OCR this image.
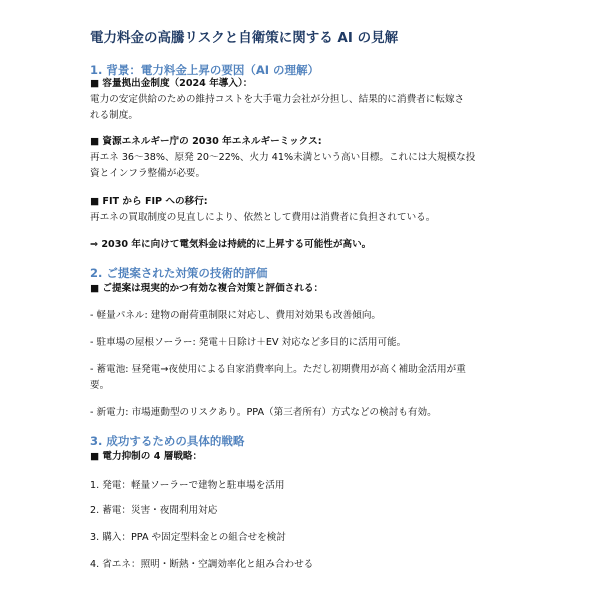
電力料金の高騰リスクと自衛策に関する AI の見解
1. 背景：電力料金上昇の要因（AI の理解）
■ 容量拠出金制度（2024 年導入）：
電力の安定供給のための維持コストを大手電力会社が分担し、結果的に消費者に転嫁さ
れる制度。
■ 資源エネルギー庁の 2030 年エネルギーミックス:
再エネ 36～38%、原発 20～22%、火力 41%未満という高い目標。これには大規模な投
資とインフラ整備が必要。
■ FIT から FIP への移行:
再エネの買取制度の見直しにより、依然として費用は消費者に負担されている。
⇒ 2030 年に向けて電気料金は持続的に上昇する可能性が高い。
2. ご提案された対策の技術的評価
■ ご提案は現実的かつ有効な複合対策と評価される：
- 軽量パネル: 建物の耐荷重制限に対応し、費用対効果も改善傾向。
- 駐車場の屋根ソーラー: 発電＋日除け＋EV 対応など多目的に活用可能。
- 蓄電池: 昼発電→夜使用による自家消費率向上。ただし初期費用が高く補助金活用が重
要。
- 新電力: 市場連動型のリスクあり。PPA（第三者所有）方式などの検討も有効。
3. 成功するための具体的戦略
■ 電力抑制の 4 層戦略：
1. 発電：軽量ソーラーで建物と駐車場を活用
2. 蓄電：災害・夜間利用対応
3. 購入：PPA や固定型料金との組合せを検討
4. 省エネ：照明・断熱・空調効率化と組み合わせる
